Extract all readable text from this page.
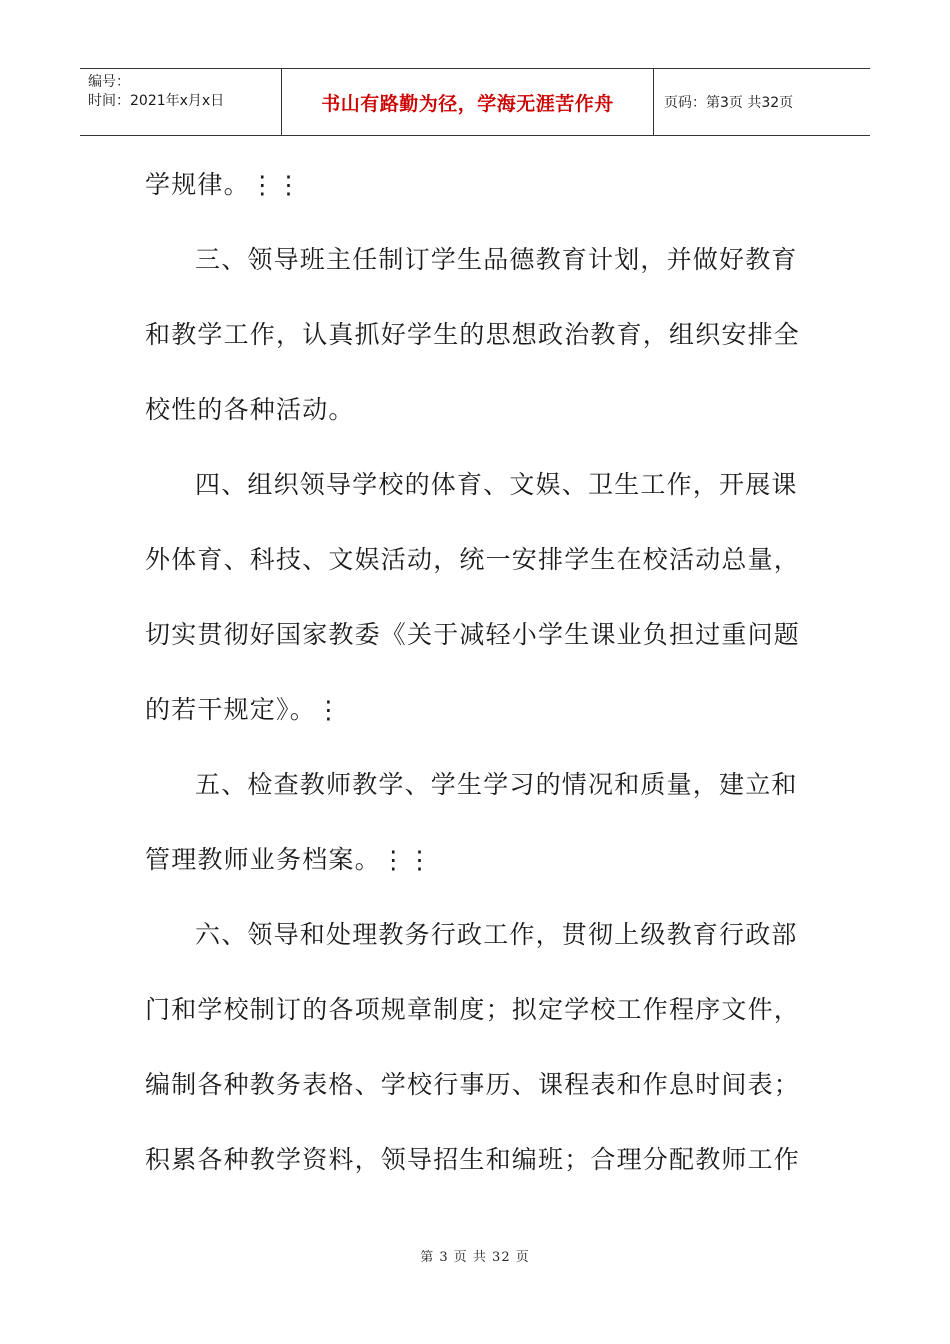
编号：
时间：2021年x月x日	书山有路勤为径，学海无涯苦作舟	页码：第3页 共32页
学规律。⋮⋮
三、领导班主任制订学生品德教育计划，并做好教育
和教学工作，认真抓好学生的思想政治教育，组织安排全
校性的各种活动。
四、组织领导学校的体育、文娱、卫生工作，开展课
外体育、科技、文娱活动，统一安排学生在校活动总量，
切实贯彻好国家教委《关于减轻小学生课业负担过重问题
的若干规定》。⋮
五、检查教师教学、学生学习的情况和质量，建立和
管理教师业务档案。⋮⋮
六、领导和处理教务行政工作，贯彻上级教育行政部
门和学校制订的各项规章制度；拟定学校工作程序文件，
编制各种教务表格、学校行事历、课程表和作息时间表；
积累各种教学资料，领导招生和编班；合理分配教师工作
第 3 页 共 32 页
